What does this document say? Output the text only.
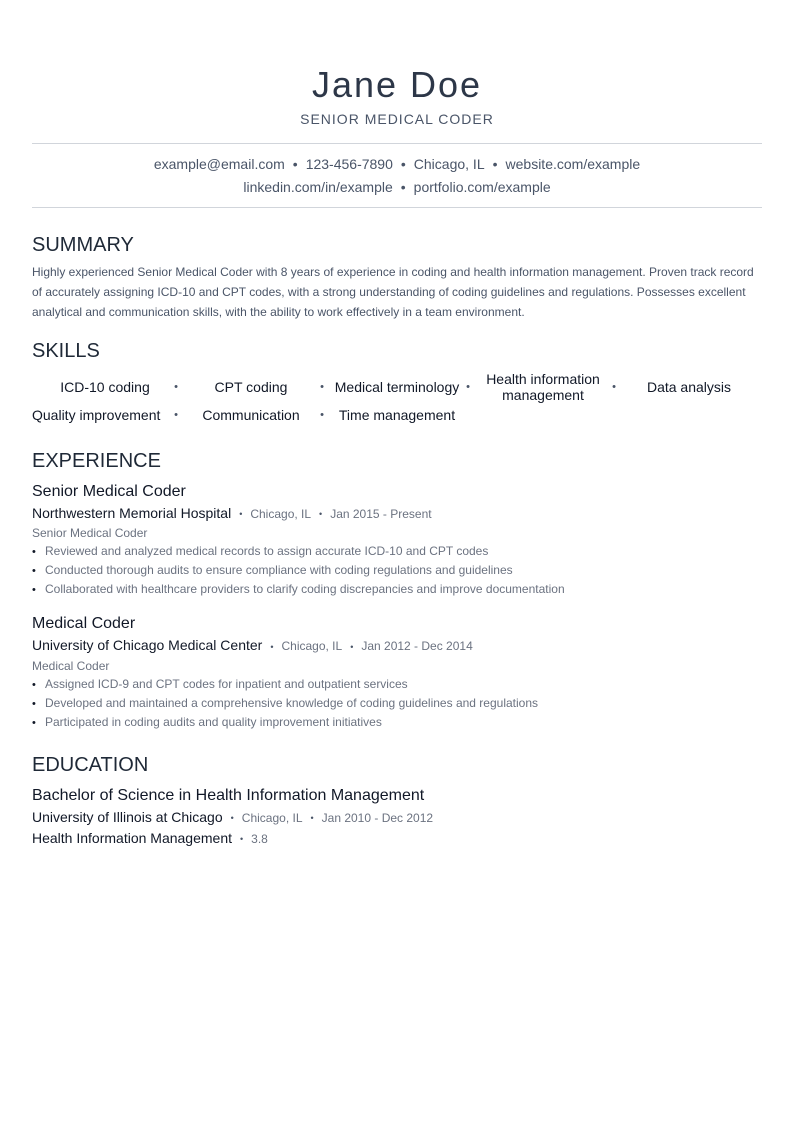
Jane Doe
SENIOR MEDICAL CODER
example@email.com • 123-456-7890 • Chicago, IL • website.com/example
linkedin.com/in/example • portfolio.com/example
SUMMARY
Highly experienced Senior Medical Coder with 8 years of experience in coding and health information management. Proven track record of accurately assigning ICD-10 and CPT codes, with a strong understanding of coding guidelines and regulations. Possesses excellent analytical and communication skills, with the ability to work effectively in a team environment.
SKILLS
ICD-10 coding •	CPT coding •	Medical terminology •	Health information management •	Data analysis
Quality improvement •	Communication •	Time management
EXPERIENCE
Senior Medical Coder
Northwestern Memorial Hospital • Chicago, IL • Jan 2015 - Present
Senior Medical Coder
• Reviewed and analyzed medical records to assign accurate ICD-10 and CPT codes
• Conducted thorough audits to ensure compliance with coding regulations and guidelines
• Collaborated with healthcare providers to clarify coding discrepancies and improve documentation
Medical Coder
University of Chicago Medical Center • Chicago, IL • Jan 2012 - Dec 2014
Medical Coder
• Assigned ICD-9 and CPT codes for inpatient and outpatient services
• Developed and maintained a comprehensive knowledge of coding guidelines and regulations
• Participated in coding audits and quality improvement initiatives
EDUCATION
Bachelor of Science in Health Information Management
University of Illinois at Chicago • Chicago, IL • Jan 2010 - Dec 2012
Health Information Management • 3.8
